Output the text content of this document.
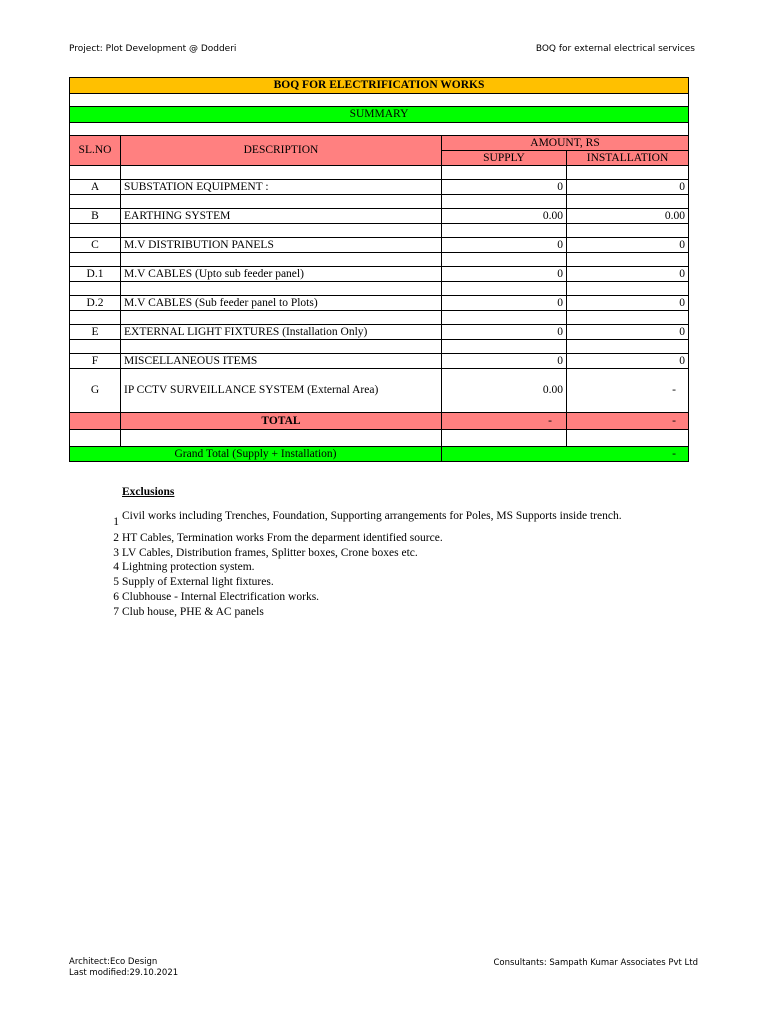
Project: Plot Development @ Dodderi	BOQ for external electrical services
BOQ FOR ELECTRIFICATION WORKS			

SUMMARY			

SL.NO	DESCRIPTION	AMOUNT, RS	
		SUPPLY	INSTALLATION

A	SUBSTATION EQUIPMENT :	0	0

B	EARTHING SYSTEM	0.00	0.00

C	M.V DISTRIBUTION PANELS	0	0

D.1	M.V CABLES (Upto sub feeder panel)	0	0

D.2	M.V CABLES (Sub feeder panel to Plots)	0	0

E	EXTERNAL LIGHT FIXTURES (Installation Only)	0	0

F	MISCELLANEOUS ITEMS	0	0
G	IP CCTV SURVEILLANCE SYSTEM (External Area)	0.00	-
	TOTAL	-	-

Grand Total (Supply + Installation)		-	
Exclusions
1 Civil works including Trenches, Foundation, Supporting arrangements for Poles, MS Supports inside trench.
2 HT Cables, Termination works From the deparment identified source.
3 LV Cables, Distribution frames, Splitter boxes, Crone boxes etc.
4 Lightning protection system.
5 Supply of External light fixtures.
6 Clubhouse - Internal Electrification works.
7 Club house, PHE & AC panels
Architect:Eco Design
Last modified:29.10.2021
Consultants: Sampath Kumar Associates Pvt Ltd
